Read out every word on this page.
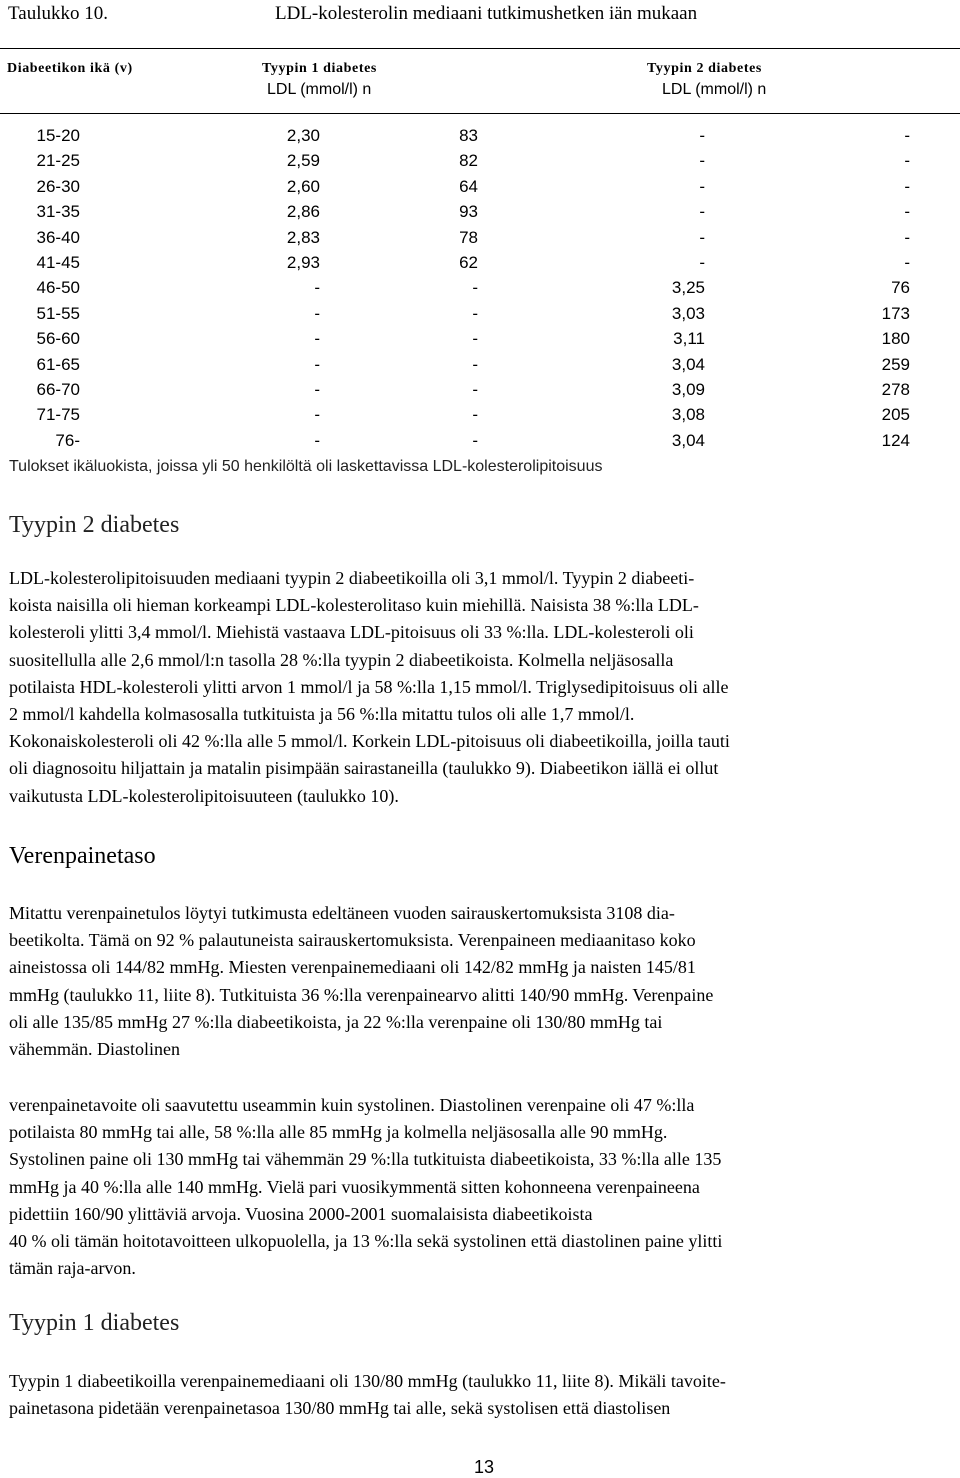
Taulukko 10.	LDL-kolesterolin mediaani tutkimushetken iän mukaan
Diabeetikon ikä (v)	Tyypin 1 diabetes
LDL (mmol/l) n
Tyypin 2 diabetes
LDL (mmol/l) n
15-20	2,30	83	-	-
21-25	2,59	82	-	-
26-30	2,60	64	-	-
31-35	2,86	93	-	-
36-40	2,83	78	-	-
41-45	2,93	62	-	-
46-50	-	-	3,25	76
51-55	-	-	3,03	173
56-60	-	-	3,11	180
61-65	-	-	3,04	259
66-70	-	-	3,09	278
71-75	-	-	3,08	205
76-	-	-	3,04	124
Tulokset ikäluokista, joissa yli 50 henkilöltä oli laskettavissa LDL-kolesterolipitoisuus
Tyypin 2 diabetes
LDL-kolesterolipitoisuuden mediaani tyypin 2 diabeetikoilla oli 3,1 mmol/l. Tyypin 2 diabeeti-
koista naisilla oli hieman korkeampi LDL-kolesterolitaso kuin miehillä. Naisista 38 %:lla LDL-
kolesteroli ylitti 3,4 mmol/l. Miehistä vastaava LDL-pitoisuus oli 33 %:lla. LDL-kolesteroli oli
suositellulla alle 2,6 mmol/l:n tasolla 28 %:lla tyypin 2 diabeetikoista. Kolmella neljäsosalla
potilaista HDL-kolesteroli ylitti arvon 1 mmol/l ja 58 %:lla 1,15 mmol/l. Triglysedipitoisuus oli alle
2 mmol/l kahdella kolmasosalla tutkituista ja 56 %:lla mitattu tulos oli alle 1,7 mmol/l.
Kokonaiskolesteroli oli 42 %:lla alle 5 mmol/l. Korkein LDL-pitoisuus oli diabeetikoilla, joilla tauti
oli diagnosoitu hiljattain ja matalin pisimpään sairastaneilla (taulukko 9). Diabeetikon iällä ei ollut
vaikutusta LDL-kolesterolipitoisuuteen (taulukko 10).
Verenpainetaso
Mitattu verenpainetulos löytyi tutkimusta edeltäneen vuoden sairauskertomuksista 3108 dia-
beetikolta. Tämä on 92 % palautuneista sairauskertomuksista. Verenpaineen mediaanitaso koko
aineistossa oli 144/82 mmHg. Miesten verenpainemediaani oli 142/82 mmHg ja naisten 145/81
mmHg (taulukko 11, liite 8). Tutkituista 36 %:lla verenpainearvo alitti 140/90 mmHg. Verenpaine
oli alle 135/85 mmHg 27 %:lla diabeetikoista, ja 22 %:lla verenpaine oli 130/80 mmHg tai
vähemmän. Diastolinen
verenpainetavoite oli saavutettu useammin kuin systolinen. Diastolinen verenpaine oli 47 %:lla
potilaista 80 mmHg tai alle, 58 %:lla alle 85 mmHg ja kolmella neljäsosalla alle 90 mmHg.
Systolinen paine oli 130 mmHg tai vähemmän 29 %:lla tutkituista diabeetikoista, 33 %:lla alle 135
mmHg ja 40 %:lla alle 140 mmHg. Vielä pari vuosikymmentä sitten kohonneena verenpaineena
pidettiin 160/90 ylittäviä arvoja. Vuosina 2000-2001 suomalaisista diabeetikoista
40 % oli tämän hoitotavoitteen ulkopuolella, ja 13 %:lla sekä systolinen että diastolinen paine ylitti
tämän raja-arvon.
Tyypin 1 diabetes
Tyypin 1 diabeetikoilla verenpainemediaani oli 130/80 mmHg (taulukko 11, liite 8). Mikäli tavoite-
painetasona pidetään verenpainetasoa 130/80 mmHg tai alle, sekä systolisen että diastolisen
13
